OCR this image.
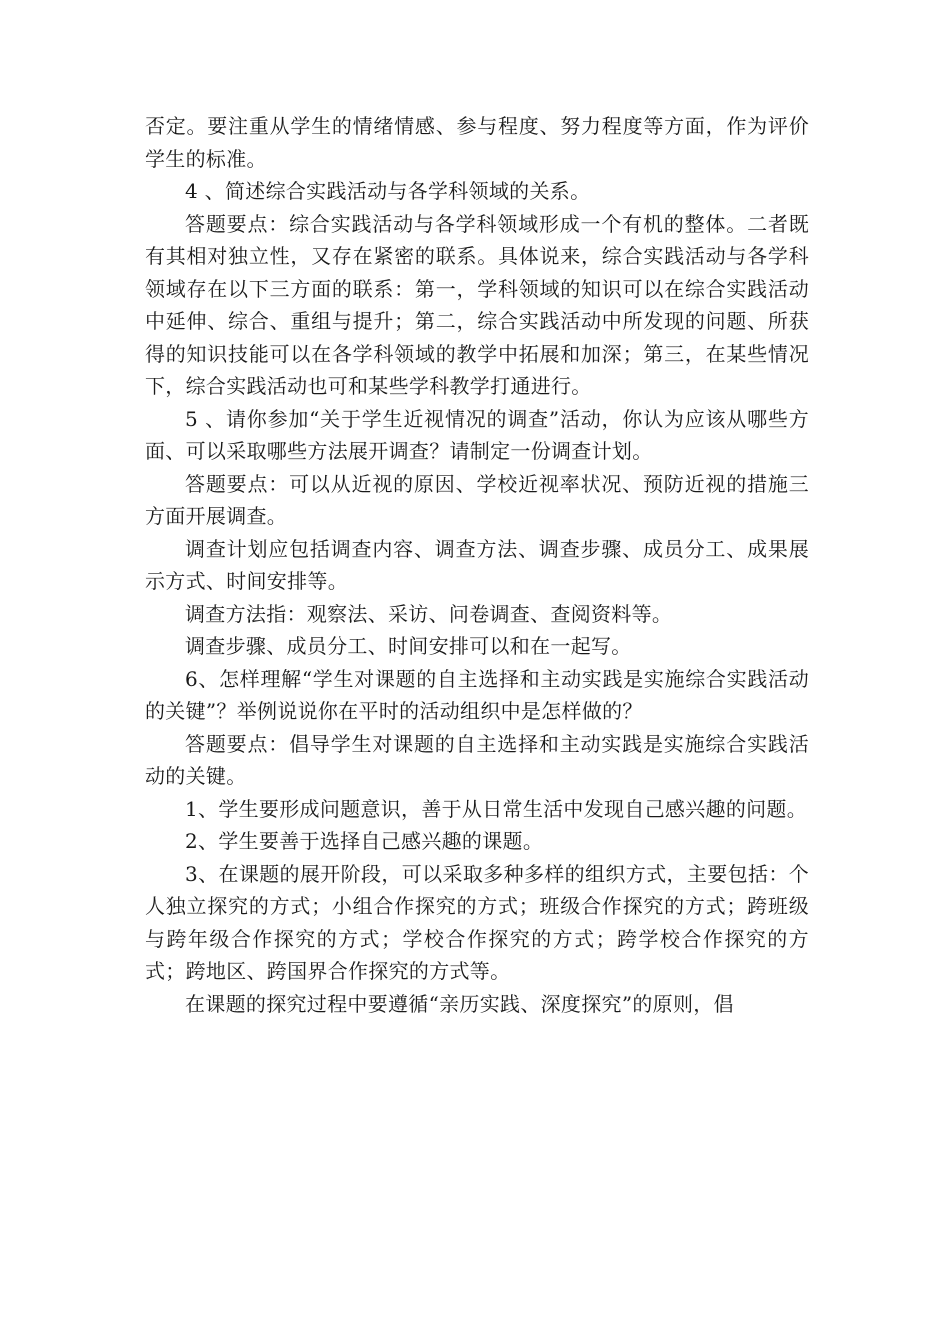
否定。要注重从学生的情绪情感、参与程度、努力程度等方面，作为评价学生的标准。

4 、简述综合实践活动与各学科领域的关系。

答题要点：综合实践活动与各学科领域形成一个有机的整体。二者既有其相对独立性，又存在紧密的联系。具体说来，综合实践活动与各学科领域存在以下三方面的联系：第一，学科领域的知识可以在综合实践活动中延伸、综合、重组与提升；第二，综合实践活动中所发现的问题、所获得的知识技能可以在各学科领域的教学中拓展和加深；第三，在某些情况下，综合实践活动也可和某些学科教学打通进行。

5 、请你参加“关于学生近视情况的调查”活动，你认为应该从哪些方面、可以采取哪些方法展开调查？请制定一份调查计划。

答题要点：可以从近视的原因、学校近视率状况、预防近视的措施三方面开展调查。

调查计划应包括调查内容、调查方法、调查步骤、成员分工、成果展示方式、时间安排等。

调查方法指：观察法、采访、问卷调查、查阅资料等。

调查步骤、成员分工、时间安排可以和在一起写。

6、怎样理解“学生对课题的自主选择和主动实践是实施综合实践活动的关键”？举例说说你在平时的活动组织中是怎样做的？

答题要点：倡导学生对课题的自主选择和主动实践是实施综合实践活动的关键。

1、学生要形成问题意识，善于从日常生活中发现自己感兴趣的问题。

2、学生要善于选择自己感兴趣的课题。

3、在课题的展开阶段，可以采取多种多样的组织方式，主要包括：个人独立探究的方式；小组合作探究的方式；班级合作探究的方式；跨班级与跨年级合作探究的方式；学校合作探究的方式；跨学校合作探究的方式；跨地区、跨国界合作探究的方式等。

在课题的探究过程中要遵循“亲历实践、深度探究”的原则，倡
